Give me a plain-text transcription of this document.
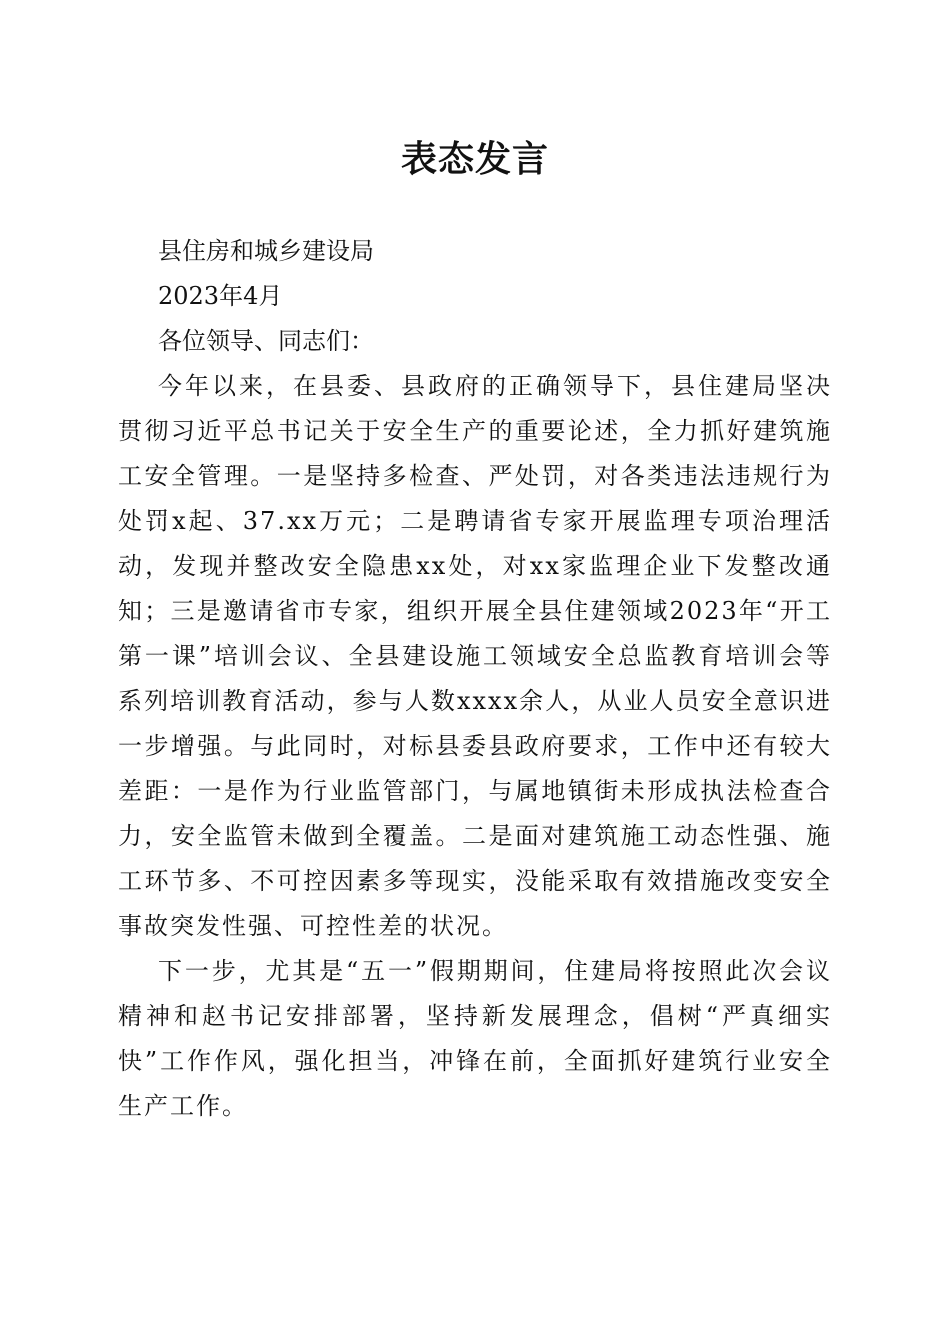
表态发言

县住房和城乡建设局

2023年4月

各位领导、同志们：

今年以来，在县委、县政府的正确领导下，县住建局坚决贯彻习近平总书记关于安全生产的重要论述，全力抓好建筑施工安全管理。一是坚持多检查、严处罚，对各类违法违规行为处罚x起、37.xx万元；二是聘请省专家开展监理专项治理活动，发现并整改安全隐患xx处，对xx家监理企业下发整改通知；三是邀请省市专家，组织开展全县住建领域2023年“开工第一课”培训会议、全县建设施工领域安全总监教育培训会等系列培训教育活动，参与人数xxxx余人，从业人员安全意识进一步增强。与此同时，对标县委县政府要求，工作中还有较大差距：一是作为行业监管部门，与属地镇街未形成执法检查合力，安全监管未做到全覆盖。二是面对建筑施工动态性强、施工环节多、不可控因素多等现实，没能采取有效措施改变安全事故突发性强、可控性差的状况。

下一步，尤其是“五一”假期期间，住建局将按照此次会议精神和赵书记安排部署，坚持新发展理念，倡树“严真细实快”工作作风，强化担当，冲锋在前，全面抓好建筑行业安全生产工作。
